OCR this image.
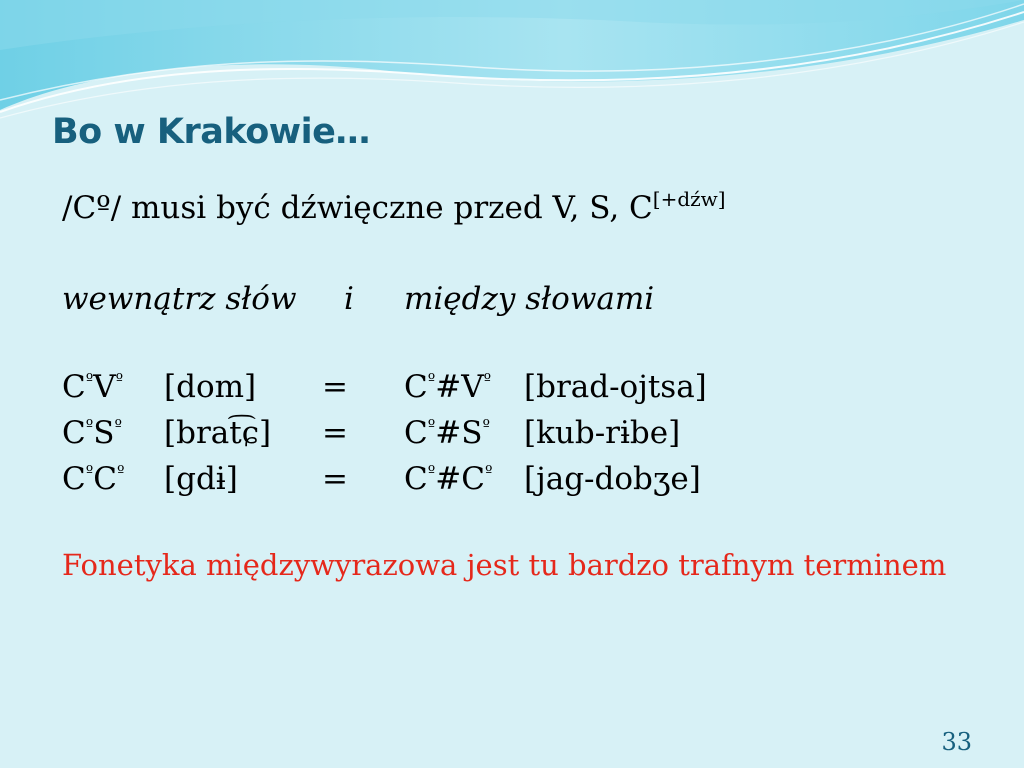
Bo w Krakowie…
/Cº/ musi być dźwięczne przed V, S, C[+dźw]
wewnątrz słów i między słowami
$C^ºV^º$ $[dom] = C^º\#V^º$ [brad-ojtsa]
$C^ºS^º$ [brat͡ɕ] = $C^º\#S^º$ [kub-rɨbe]
$C^ºC^º$ [gdɨ]	= $C^º\#C^º$ [jag-dobʒe]
Fonetyka międzywyrazowa jest tu bardzo trafnym terminem
33
